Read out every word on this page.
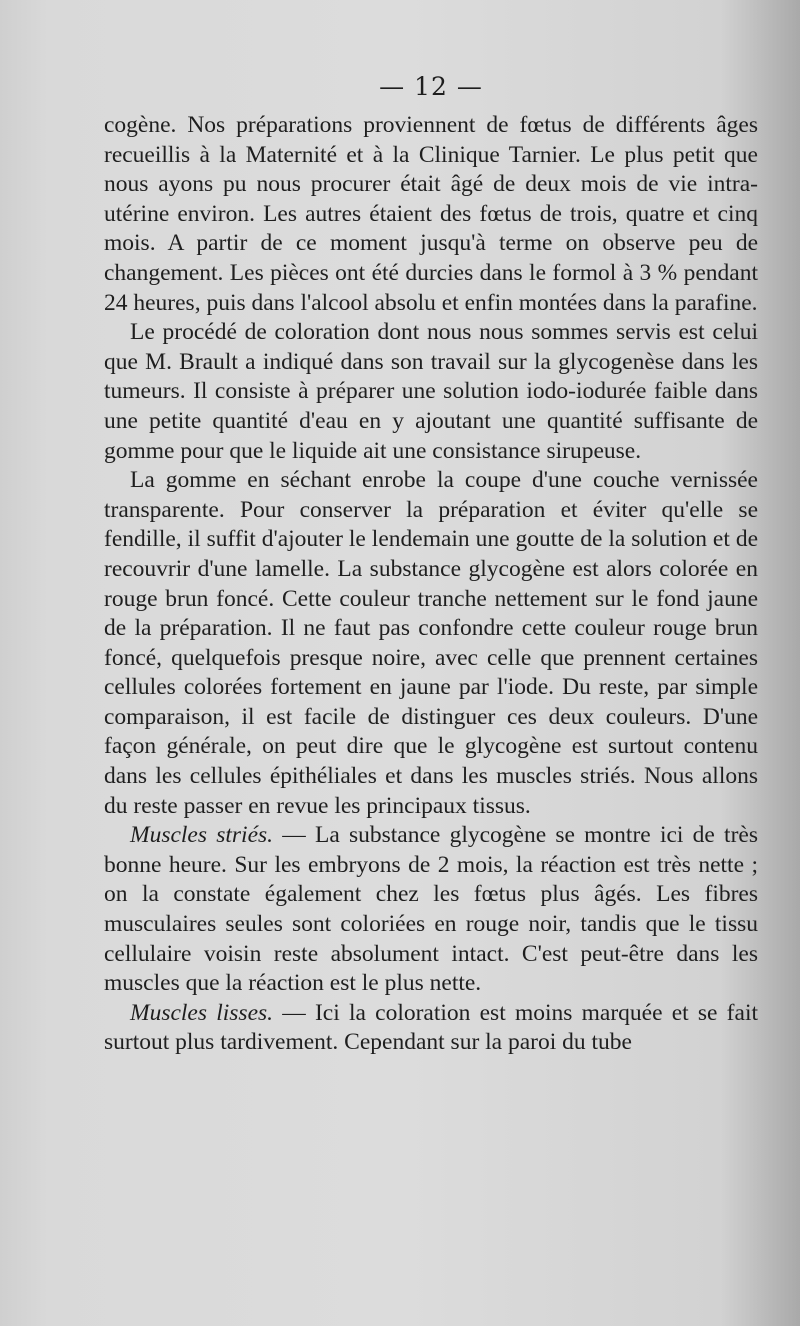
— 12 —

cogène. Nos préparations proviennent de fœtus de différents âges recueillis à la Maternité et à la Clinique Tarnier. Le plus petit que nous ayons pu nous procurer était âgé de deux mois de vie intra-utérine environ. Les autres étaient des fœtus de trois, quatre et cinq mois. A partir de ce moment jusqu'à terme on observe peu de changement. Les pièces ont été durcies dans le formol à 3 % pendant 24 heures, puis dans l'alcool absolu et enfin montées dans la parafine.

Le procédé de coloration dont nous nous sommes servis est celui que M. Brault a indiqué dans son travail sur la glycogenèse dans les tumeurs. Il consiste à préparer une solution iodo-iodurée faible dans une petite quantité d'eau en y ajoutant une quantité suffisante de gomme pour que le liquide ait une consistance sirupeuse.

La gomme en séchant enrobe la coupe d'une couche vernissée transparente. Pour conserver la préparation et éviter qu'elle se fendille, il suffit d'ajouter le lendemain une goutte de la solution et de recouvrir d'une lamelle. La substance glycogène est alors colorée en rouge brun foncé. Cette couleur tranche nettement sur le fond jaune de la préparation. Il ne faut pas confondre cette couleur rouge brun foncé, quelquefois presque noire, avec celle que prennent certaines cellules colorées fortement en jaune par l'iode. Du reste, par simple comparaison, il est facile de distinguer ces deux couleurs. D'une façon générale, on peut dire que le glycogène est surtout contenu dans les cellules épithéliales et dans les muscles striés. Nous allons du reste passer en revue les principaux tissus.

Muscles striés. — La substance glycogène se montre ici de très bonne heure. Sur les embryons de 2 mois, la réaction est très nette ; on la constate également chez les fœtus plus âgés. Les fibres musculaires seules sont coloriées en rouge noir, tandis que le tissu cellulaire voisin reste absolument intact. C'est peut-être dans les muscles que la réaction est le plus nette.

Muscles lisses. — Ici la coloration est moins marquée et se fait surtout plus tardivement. Cependant sur la paroi du tube
